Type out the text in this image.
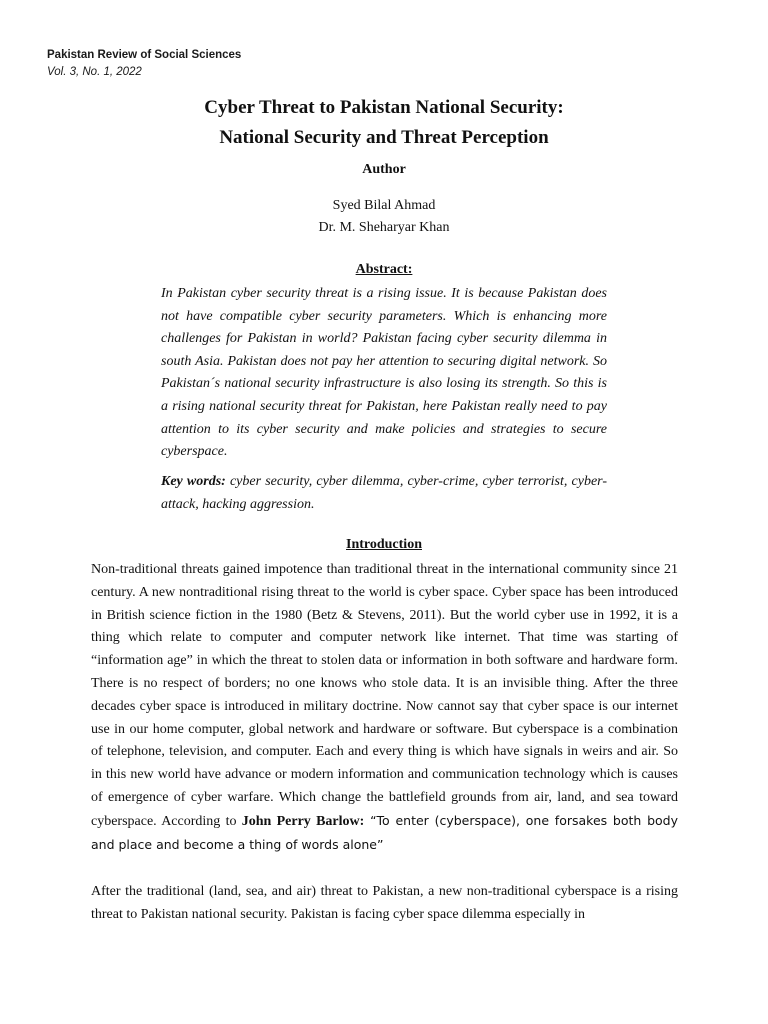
Pakistan Review of Social Sciences
Vol. 3, No. 1, 2022
Cyber Threat to Pakistan National Security:
National Security and Threat Perception
Author
Syed Bilal Ahmad
Dr. M. Sheharyar Khan
Abstract:

In Pakistan cyber security threat is a rising issue. It is because Pakistan does not have compatible cyber security parameters. Which is enhancing more challenges for Pakistan in world? Pakistan facing cyber security dilemma in south Asia. Pakistan does not pay her attention to securing digital network. So Pakistan´s national security infrastructure is also losing its strength. So this is a rising national security threat for Pakistan, here Pakistan really need to pay attention to its cyber security and make policies and strategies to secure cyberspace.

Key words: cyber security, cyber dilemma, cyber-crime, cyber terrorist, cyber-attack, hacking aggression.

Introduction

Non-traditional threats gained impotence than traditional threat in the international community since 21 century. A new nontraditional rising threat to the world is cyber space. Cyber space has been introduced in British science fiction in the 1980 (Betz & Stevens, 2011). But the world cyber use in 1992, it is a thing which relate to computer and computer network like internet. That time was starting of “information age” in which the threat to stolen data or information in both software and hardware form. There is no respect of borders; no one knows who stole data. It is an invisible thing. After the three decades cyber space is introduced in military doctrine. Now cannot say that cyber space is our internet use in our home computer, global network and hardware or software. But cyberspace is a combination of telephone, television, and computer. Each and every thing is which have signals in weirs and air. So in this new world have advance or modern information and communication technology which is causes of emergence of cyber warfare. Which change the battlefield grounds from air, land, and sea toward cyberspace. According to John Perry Barlow: “To enter (cyberspace), one forsakes both body and place and become a thing of words alone”

After the traditional (land, sea, and air) threat to Pakistan, a new non-traditional cyberspace is a rising threat to Pakistan national security. Pakistan is facing cyber space dilemma especially in
